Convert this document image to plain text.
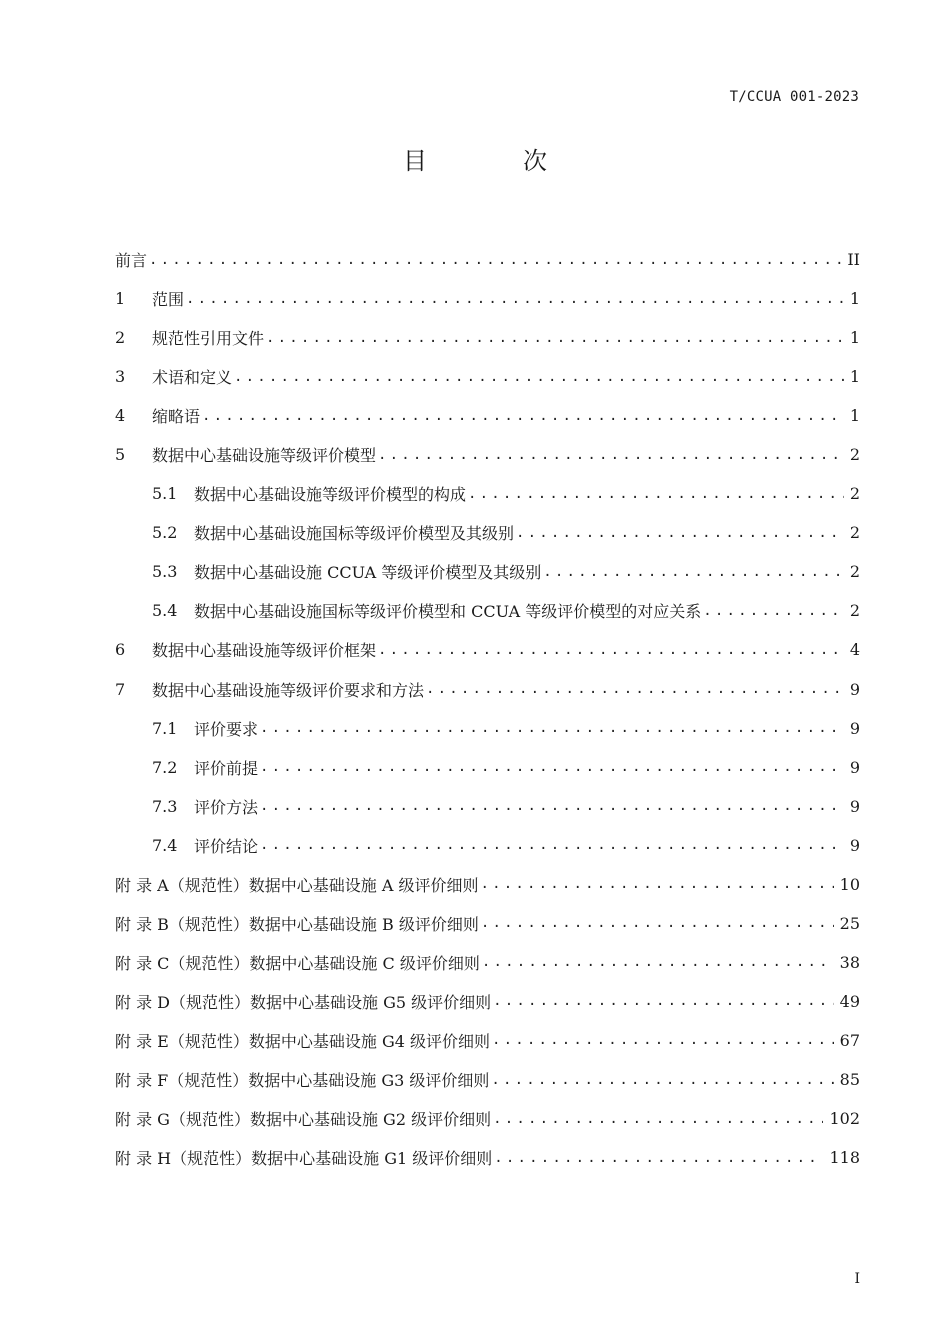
T/CCUA 001-2023
目　次
前言 .....	II
1	范围 .....	1
2	规范性引用文件 .....	1
3	术语和定义 .....	1
4	缩略语 .....	1
5	数据中心基础设施等级评价模型 .....	2
5.1	数据中心基础设施等级评价模型的构成 .....	2
5.2	数据中心基础设施国标等级评价模型及其级别 .....	2
5.3	数据中心基础设施 CCUA 等级评价模型及其级别 .....	2
5.4	数据中心基础设施国标等级评价模型和 CCUA 等级评价模型的对应关系 .....	2
6	数据中心基础设施等级评价框架 .....	4
7	数据中心基础设施等级评价要求和方法 .....	9
7.1	评价要求 .....	9
7.2	评价前提 .....	9
7.3	评价方法 .....	9
7.4	评价结论 .....	9
附 录 A（规范性）数据中心基础设施 A 级评价细则 .....	10
附 录 B（规范性）数据中心基础设施 B 级评价细则 .....	25
附 录 C（规范性）数据中心基础设施 C 级评价细则 .....	38
附 录 D（规范性）数据中心基础设施 G5 级评价细则 .....	49
附 录 E（规范性）数据中心基础设施 G4 级评价细则 .....	67
附 录 F（规范性）数据中心基础设施 G3 级评价细则 .....	85
附 录 G（规范性）数据中心基础设施 G2 级评价细则 .....	102
附 录 H（规范性）数据中心基础设施 G1 级评价细则 .....	118
I
